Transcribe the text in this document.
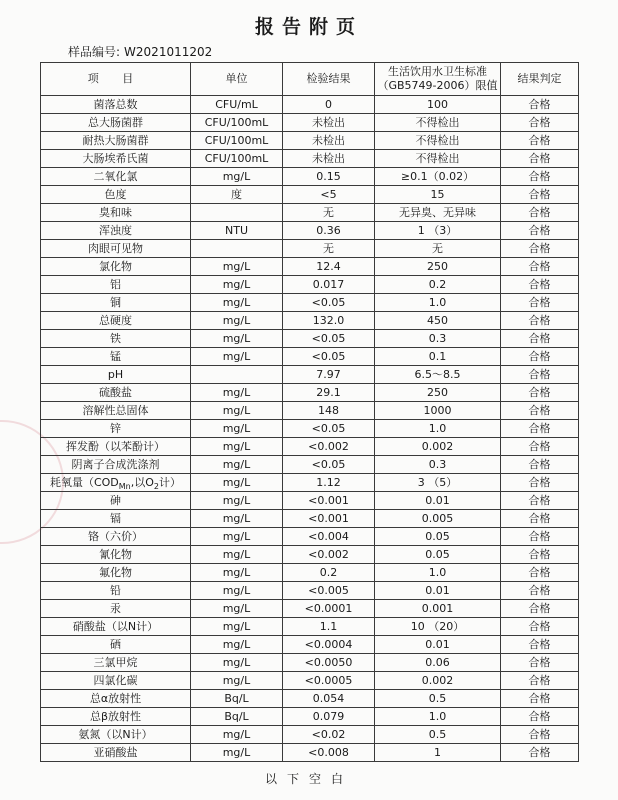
报告附页
样品编号: W2021011202
项 目	单位	检验结果	生活饮用水卫生标准（GB5749-2006）限值	结果判定
菌落总数	CFU/mL	0	100	合格
总大肠菌群	CFU/100mL	未检出	不得检出	合格
耐热大肠菌群	CFU/100mL	未检出	不得检出	合格
大肠埃希氏菌	CFU/100mL	未检出	不得检出	合格
二氧化氯	mg/L	0.15	≥0.1（0.02）	合格
色度	度	<5	15	合格
臭和味		无	无异臭、无异味	合格
浑浊度	NTU	0.36	1 （3）	合格
肉眼可见物		无	无	合格
氯化物	mg/L	12.4	250	合格
铝	mg/L	0.017	0.2	合格
铜	mg/L	<0.05	1.0	合格
总硬度	mg/L	132.0	450	合格
铁	mg/L	<0.05	0.3	合格
锰	mg/L	<0.05	0.1	合格
pH		7.97	6.5～8.5	合格
硫酸盐	mg/L	29.1	250	合格
溶解性总固体	mg/L	148	1000	合格
锌	mg/L	<0.05	1.0	合格
挥发酚（以苯酚计）	mg/L	<0.002	0.002	合格
阴离子合成洗涤剂	mg/L	<0.05	0.3	合格
耗氧量（$COD_{Mn}$,以$O_2$计）	mg/L	1.12	3 （5）	合格
砷	mg/L	<0.001	0.01	合格
镉	mg/L	<0.001	0.005	合格
铬（六价）	mg/L	<0.004	0.05	合格
氰化物	mg/L	<0.002	0.05	合格
氟化物	mg/L	0.2	1.0	合格
铅	mg/L	<0.005	0.01	合格
汞	mg/L	<0.0001	0.001	合格
硝酸盐（以N计）	mg/L	1.1	10 （20）	合格
硒	mg/L	<0.0004	0.01	合格
三氯甲烷	mg/L	<0.0050	0.06	合格
四氯化碳	mg/L	<0.0005	0.002	合格
总α放射性	Bq/L	0.054	0.5	合格
总β放射性	Bq/L	0.079	1.0	合格
氨氮（以N计）	mg/L	<0.02	0.5	合格
亚硝酸盐	mg/L	<0.008	1	合格
以下空白
